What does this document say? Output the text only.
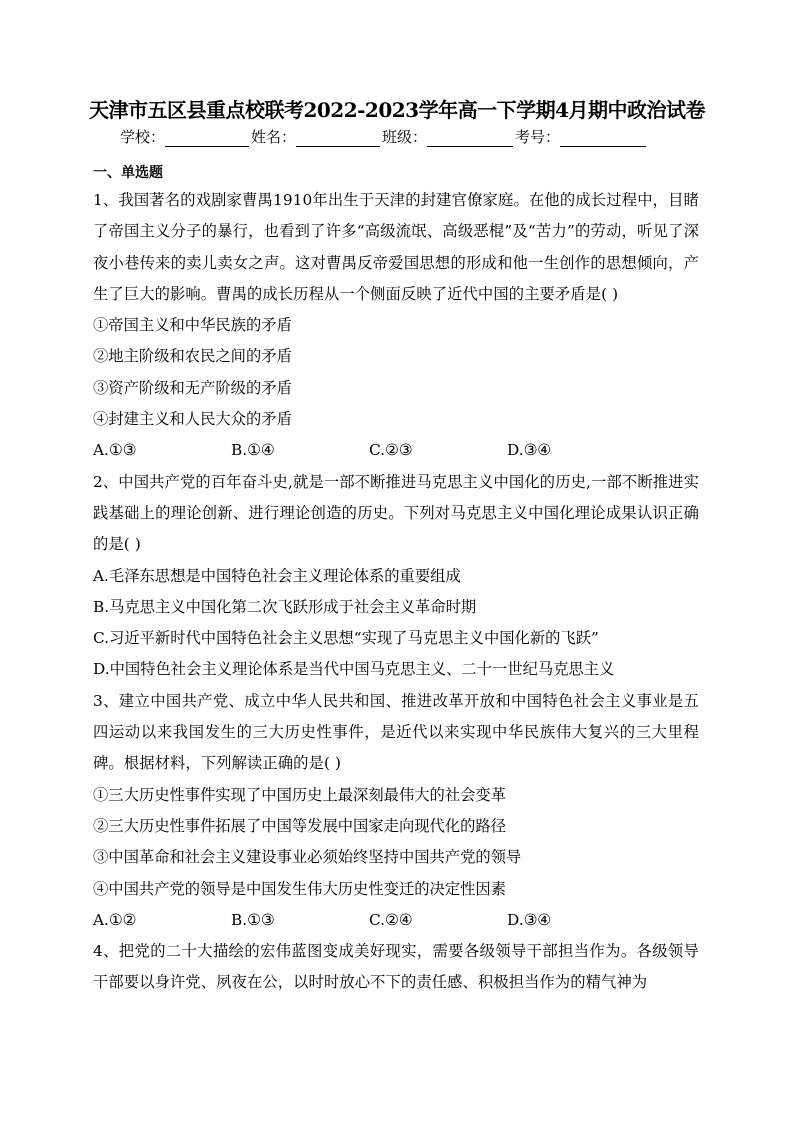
天津市五区县重点校联考2022-2023学年高一下学期4月期中政治试卷
学校：	姓名：	班级：	考号：
一、单选题

1、我国著名的戏剧家曹禺1910年出生于天津的封建官僚家庭。在他的成长过程中，目睹了帝国主义分子的暴行，也看到了许多“高级流氓、高级恶棍”及“苦力”的劳动，听见了深夜小巷传来的卖儿卖女之声。这对曹禺反帝爱国思想的形成和他一生创作的思想倾向，产生了巨大的影响。曹禺的成长历程从一个侧面反映了近代中国的主要矛盾是( )

①帝国主义和中华民族的矛盾

②地主阶级和农民之间的矛盾

③资产阶级和无产阶级的矛盾

④封建主义和人民大众的矛盾

A.①③	B.①④	C.②③	D.③④

2、中国共产党的百年奋斗史,就是一部不断推进马克思主义中国化的历史,一部不断推进实践基础上的理论创新、进行理论创造的历史。下列对马克思主义中国化理论成果认识正确的是( )

A.毛泽东思想是中国特色社会主义理论体系的重要组成

B.马克思主义中国化第二次飞跃形成于社会主义革命时期

C.习近平新时代中国特色社会主义思想“实现了马克思主义中国化新的飞跃”

D.中国特色社会主义理论体系是当代中国马克思主义、二十一世纪马克思主义

3、建立中国共产党、成立中华人民共和国、推进改革开放和中国特色社会主义事业是五四运动以来我国发生的三大历史性事件，是近代以来实现中华民族伟大复兴的三大里程碑。根据材料，下列解读正确的是( )

①三大历史性事件实现了中国历史上最深刻最伟大的社会变革

②三大历史性事件拓展了中国等发展中国家走向现代化的路径

③中国革命和社会主义建设事业必须始终坚持中国共产党的领导

④中国共产党的领导是中国发生伟大历史性变迁的决定性因素

A.①②	B.①③	C.②④	D.③④

4、把党的二十大描绘的宏伟蓝图变成美好现实，需要各级领导干部担当作为。各级领导干部要以身许党、夙夜在公，以时时放心不下的责任感、积极担当作为的精气神为
